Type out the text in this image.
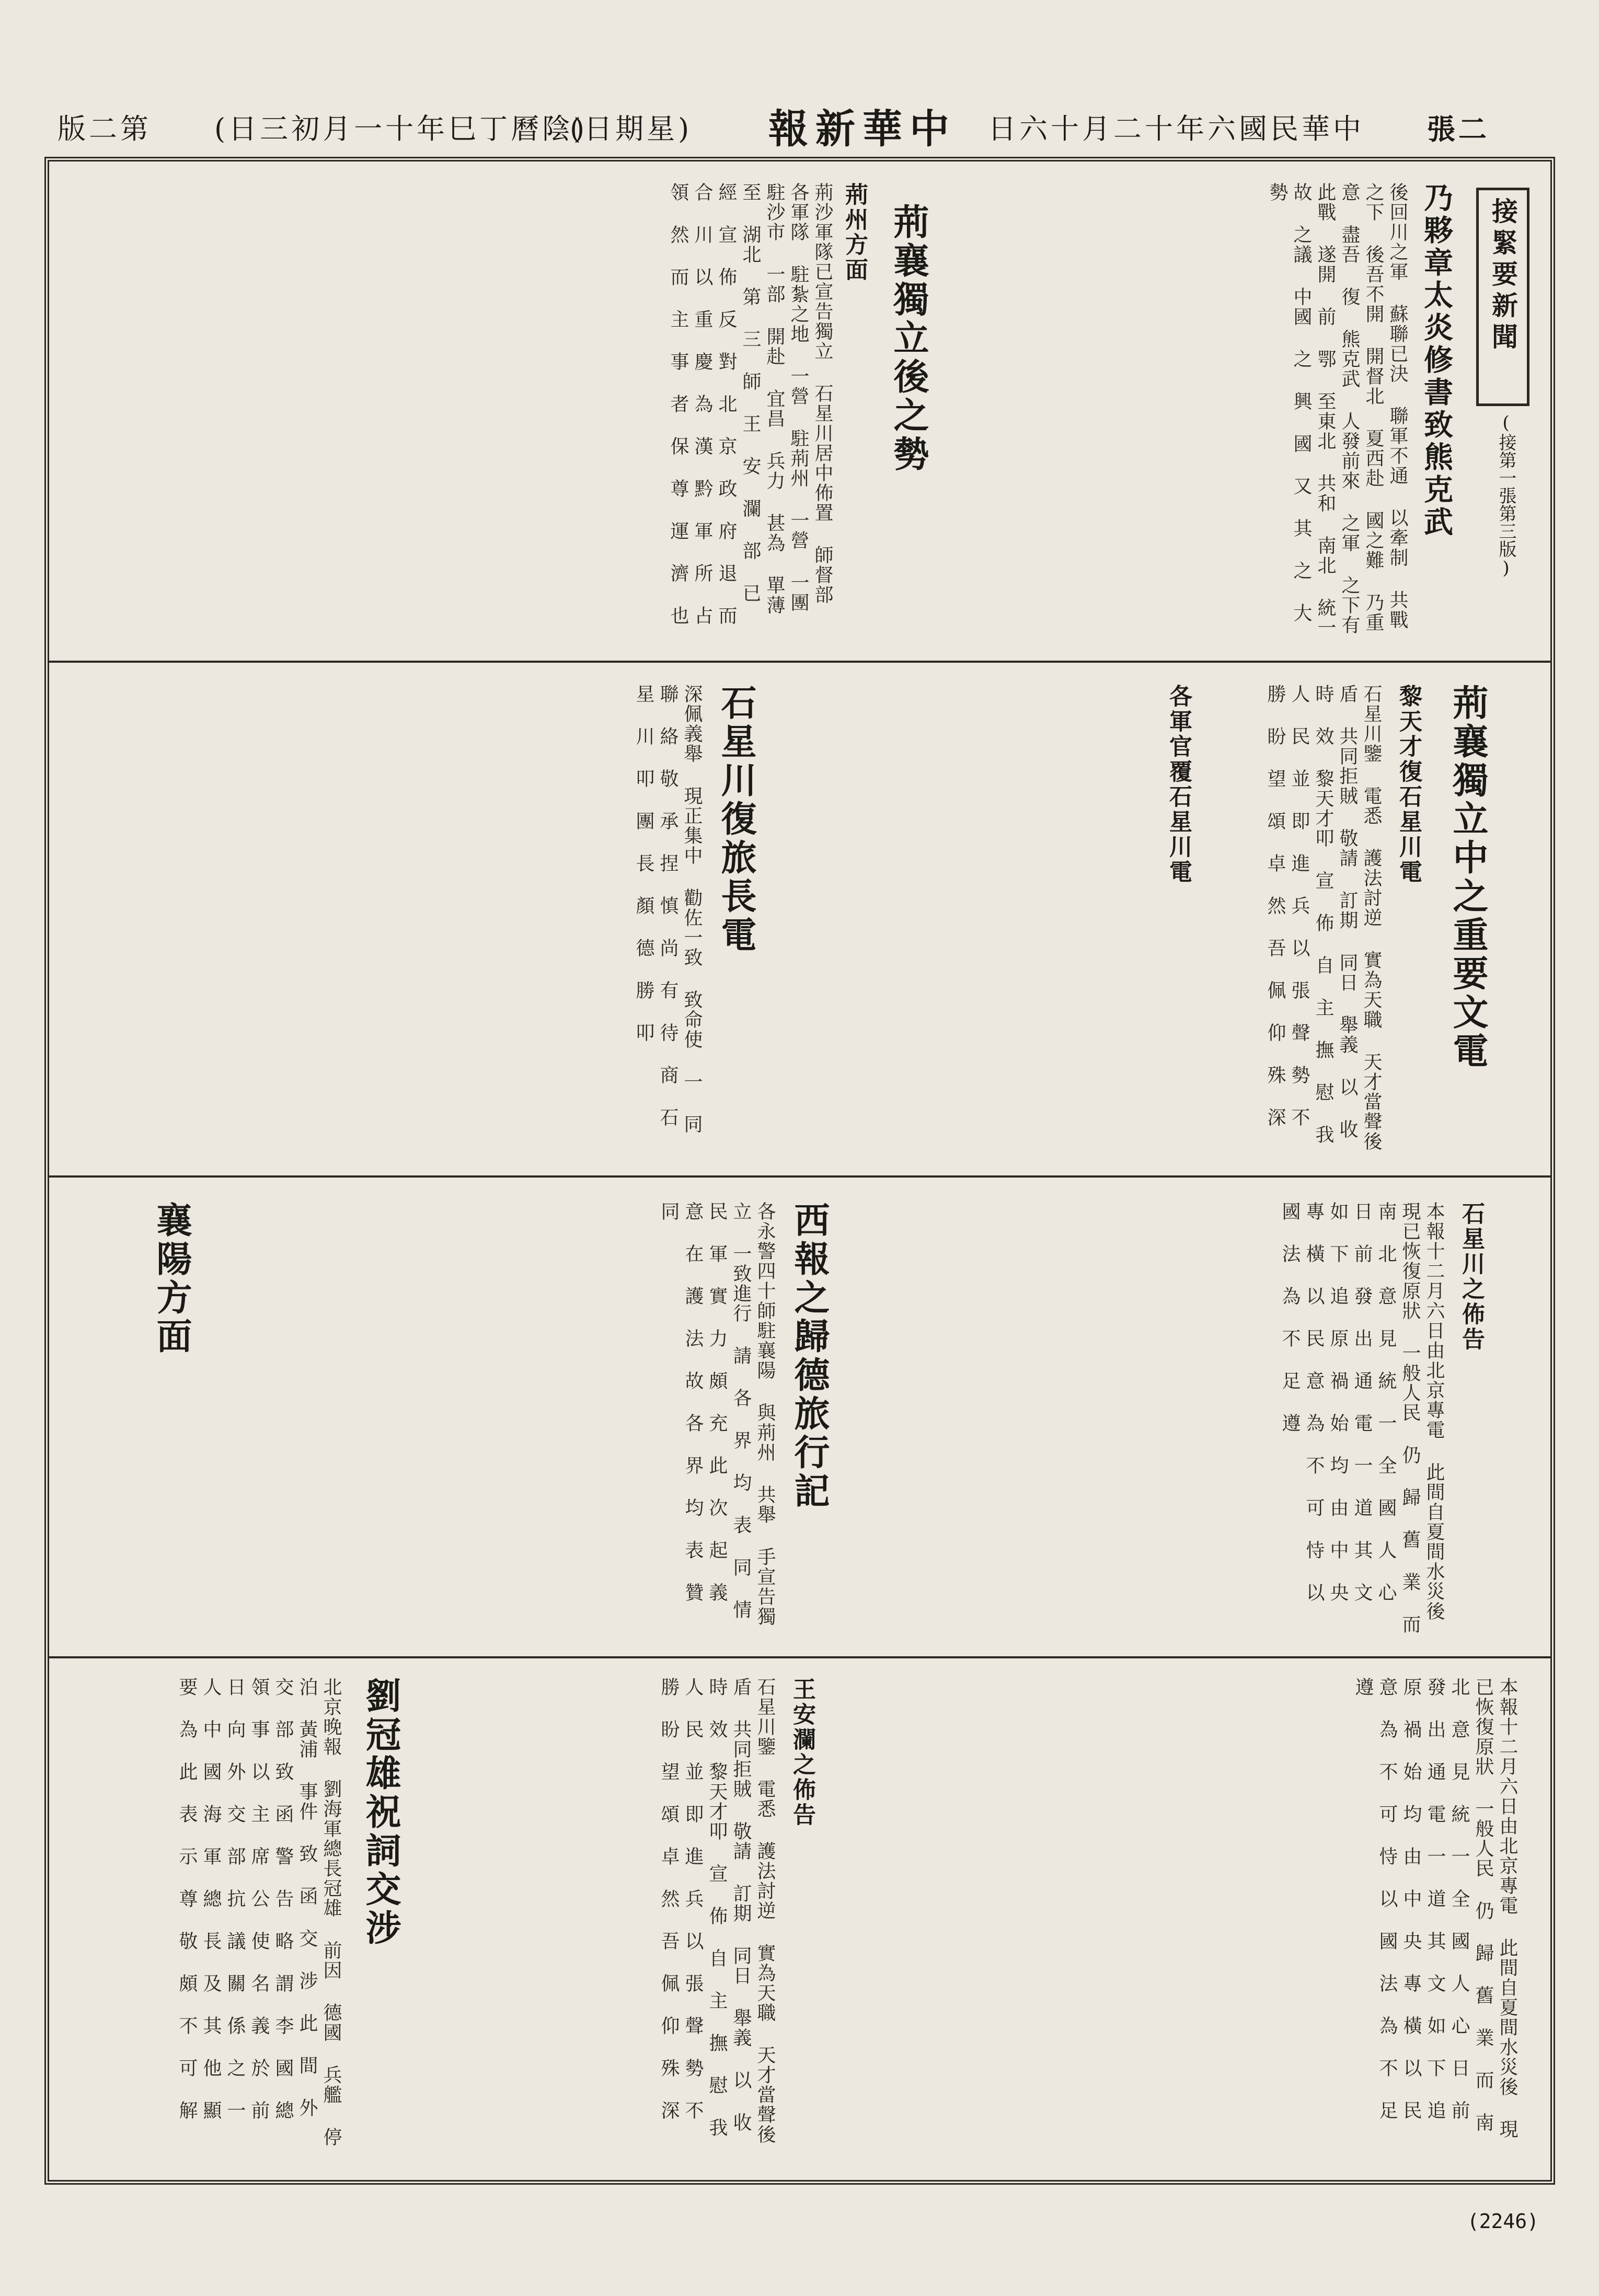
版二第 (日三初月一十年巳丁曆陰)
(日期星) 報新華中 日六十月二十年六國民華中 張二
接緊要新聞
(接第一張第三版)
乃夥章太炎修書致熊克武
後回川之軍 蘇聯已決 聯軍不通 以牽制 共戰之下 後吾不開 開督北 夏西赴 國之難 乃重意 盡吾 復 熊克武 人發前來 之軍 之下有 此戰 遂開 前 鄂 至東北 共和 南北 統一 故 之議 中國 之 興 國 又 其 之 大 勢
荊襄獨立後之勢
荊州方面
荊沙軍隊已宣告獨立 石星川居中佈置 師督部 各軍隊 駐紮之地 一營 駐荊州 一營 一團 駐沙市 一部 開赴 宜昌 兵力 甚為 單薄 至 湖北 第 三 師 王 安 瀾 部 已 經 宣 佈 反 對 北 京 政 府 退 而 合 川 以 重 慶 為 漢 黔 軍 所 占 領 然 而 主 事 者 保 尊 運 濟 也
荊襄獨立中之重要文電
黎天才復石星川電
各軍官覆石星川電	石星川鑒 電悉 護法討逆 實為天職 天才當聲後盾 共同拒賊 敬請 訂期 同日 舉義 以 收 時 效 黎天才叩 宣 佈 自 主 撫 慰 我 人 民 並 即 進 兵 以 張 聲 勢 不 勝 盼 望 頌 卓 然 吾 佩 仰 殊 深
石星川復旅長電
深佩義舉 現正集中 勸佐一致 致命使 一 同 聯 絡 敬 承 捏 慎 尚 有 待 商 石 星 川 叩 團 長 顏 德 勝 叩
西報之歸德旅行記	石星川之佈告
本報十二月六日由北京專電 此間自夏間水災後 現已恢復原狀 一般人民 仍 歸 舊 業 而 南 北 意 見 統 一 全 國 人 心 日 前 發 出 通 電 一 道 其 文 如 下 追 原 禍 始 均 由 中 央 專 橫 以 民 意 為 不 可 恃 以 國 法 為 不 足 遵
襄陽方面	各永警四十師駐襄陽 與荊州 共舉 手宣告獨立 一致進行 請 各 界 均 表 同 情 民 軍 實 力 頗 充 此 次 起 義 意 在 護 法 故 各 界 均 表 贊 同
劉冠雄祝詞交涉	王安瀾之佈告
北京晚報 劉海軍總長冠雄 前因 德國 兵艦 停泊 黃浦 事件 致 函 交 涉 此 間 外 交 部 致 函 警 告 略 謂 李 國 總 領 事 以 主 席 公 使 名 義 於 前 日 向 外 交 部 抗 議 關 係 之 一 人 中 國 海 軍 總 長 及 其 他 顯 要 為 此 表 示 尊 敬 頗 不 可 解	本報十二月六日由北京專電 此間自夏間水災後 現已恢復原狀 一般人民 仍 歸 舊 業 而 南 北 意 見 統 一 全 國 人 心 日 前 發 出 通 電 一 道 其 文 如 下 追 原 禍 始 均 由 中 央 專 橫 以 民 意 為 不 可 恃 以 國 法 為 不 足 遵
石星川鑒 電悉 護法討逆 實為天職 天才當聲後盾 共同拒賊 敬請 訂期 同日 舉義 以 收 時 效 黎天才叩 宣 佈 自 主 撫 慰 我 人 民 並 即 進 兵 以 張 聲 勢 不 勝 盼 望 頌 卓 然 吾 佩 仰 殊 深
(2246)
